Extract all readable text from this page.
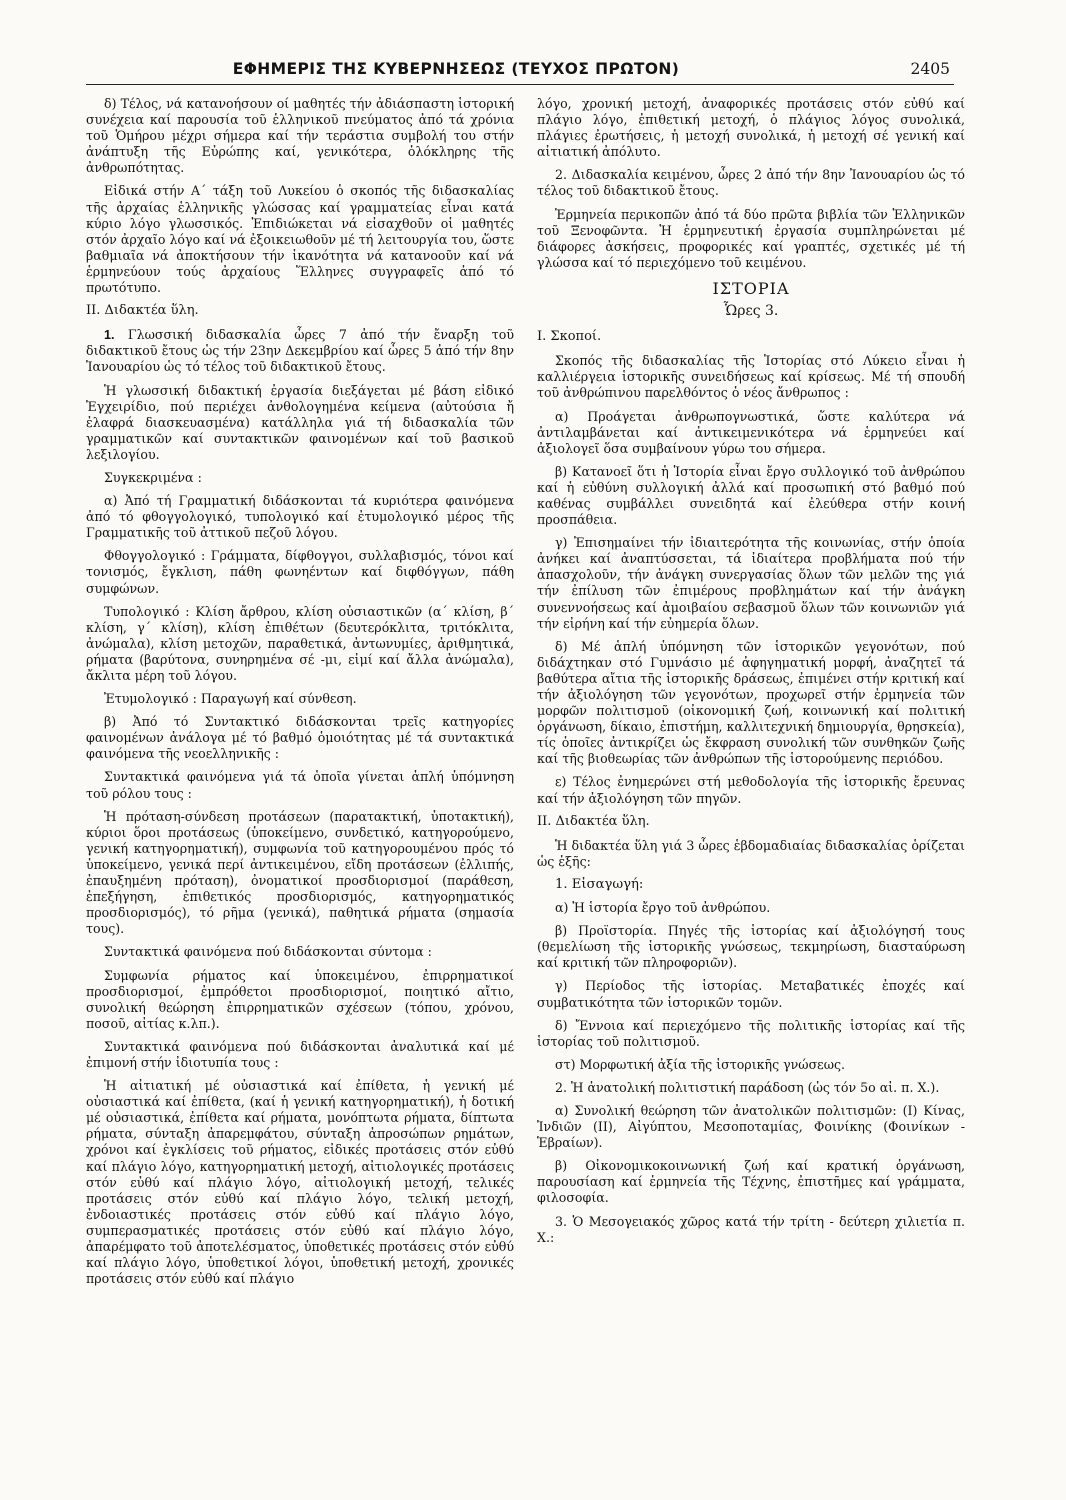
ΕΦΗΜΕΡΙΣ ΤΗΣ ΚΥΒΕΡΝΗΣΕΩΣ (ΤΕΥΧΟΣ ΠΡΩΤΟΝ)	2405

δ) Τέλος, νά κατανοήσουν οί μαθητές τήν ἀδιάσπαστη ἱστορική συνέχεια καί παρουσία τοῦ ἑλληνικοῦ πνεύματος ἀπό τά χρόνια τοῦ Ὁμήρου μέχρι σήμερα καί τήν τεράστια συμβολή του στήν ἀνάπτυξη τῆς Εὐρώπης καί, γενικότερα, ὁλόκληρης τῆς ἀνθρωπότητας.

Εἰδικά στήν Α΄ τάξη τοῦ Λυκείου ὁ σκοπός τῆς διδασκαλίας τῆς ἀρχαίας ἑλληνικῆς γλώσσας καί γραμματείας εἶναι κατά κύριο λόγο γλωσσικός. Ἐπιδιώκεται νά εἰσαχθοῦν οἱ μαθητές στόν ἀρχαῖο λόγο καί νά ἐξοικειωθοῦν μέ τή λειτουργία του, ὥστε βαθμιαῖα νά ἀποκτήσουν τήν ἱκανότητα νά κατανοοῦν καί νά ἑρμηνεύουν τούς ἀρχαίους Ἕλληνες συγγραφεῖς ἀπό τό πρωτότυπο.

ΙΙ. Διδακτέα ὕλη.

1. Γλωσσική διδασκαλία ὧρες 7 ἀπό τήν ἔναρξη τοῦ διδακτικοῦ ἔτους ὡς τήν 23ην Δεκεμβρίου καί ὧρες 5 ἀπό τήν 8ην Ἰανουαρίου ὡς τό τέλος τοῦ διδακτικοῦ ἔτους.

Ἡ γλωσσική διδακτική ἐργασία διεξάγεται μέ βάση εἰδικό Ἐγχειρίδιο, πού περιέχει ἀνθολογημένα κείμενα (αὐτούσια ἤ ἐλαφρά διασκευασμένα) κατάλληλα γιά τή διδασκαλία τῶν γραμματικῶν καί συντακτικῶν φαινομένων καί τοῦ βασικοῦ λεξιλογίου.

Συγκεκριμένα :

α) Ἀπό τή Γραμματική διδάσκονται τά κυριότερα φαινόμενα ἀπό τό φθογγολογικό, τυπολογικό καί ἐτυμολογικό μέρος τῆς Γραμματικῆς τοῦ ἀττικοῦ πεζοῦ λόγου.

Φθογγολογικό : Γράμματα, δίφθογγοι, συλλαβισμός, τόνοι καί τονισμός, ἔγκλιση, πάθη φωνηέντων καί διφθόγγων, πάθη συμφώνων.

Τυπολογικό : Κλίση ἄρθρου, κλίση οὐσιαστικῶν (α΄ κλίση, β΄ κλίση, γ΄ κλίση), κλίση ἐπιθέτων (δευτερόκλιτα, τριτόκλιτα, ἀνώμαλα), κλίση μετοχῶν, παραθετικά, ἀντωνυμίες, ἀριθμητικά, ρήματα (βαρύτονα, συνηρημένα σέ -μι, εἰμί καί ἄλλα ἀνώμαλα), ἄκλιτα μέρη τοῦ λόγου.

Ἐτυμολογικό : Παραγωγή καί σύνθεση.

β) Ἀπό τό Συντακτικό διδάσκονται τρεῖς κατηγορίες φαινομένων ἀνάλογα μέ τό βαθμό ὁμοιότητας μέ τά συντακτικά φαινόμενα τῆς νεοελληνικῆς :

Συντακτικά φαινόμενα γιά τά ὁποῖα γίνεται ἁπλή ὑπόμνηση τοῦ ρόλου τους :

Ἡ πρόταση-σύνδεση προτάσεων (παρατακτική, ὑποτακτική), κύριοι ὅροι προτάσεως (ὑποκείμενο, συνδετικό, κατηγορούμενο, γενική κατηγορηματική), συμφωνία τοῦ κατηγορουμένου πρός τό ὑποκείμενο, γενικά περί ἀντικειμένου, εἴδη προτάσεων (ἐλλιπής, ἐπαυξημένη πρόταση), ὀνοματικοί προσδιορισμοί (παράθεση, ἐπεξήγηση, ἐπιθετικός προσδιορισμός, κατηγορηματικός προσδιορισμός), τό ρῆμα (γενικά), παθητικά ρήματα (σημασία τους).

Συντακτικά φαινόμενα πού διδάσκονται σύντομα :

Συμφωνία ρήματος καί ὑποκειμένου, ἐπιρρηματικοί προσδιορισμοί, ἐμπρόθετοι προσδιορισμοί, ποιητικό αἴτιο, συνολική θεώρηση ἐπιρρηματικῶν σχέσεων (τόπου, χρόνου, ποσοῦ, αἰτίας κ.λπ.).

Συντακτικά φαινόμενα πού διδάσκονται ἀναλυτικά καί μέ ἐπιμονή στήν ἰδιοτυπία τους :

Ἡ αἰτιατική μέ οὐσιαστικά καί ἐπίθετα, ἡ γενική μέ οὐσιαστικά καί ἐπίθετα, (καί ἡ γενική κατηγορηματική), ἡ δοτική μέ οὐσιαστικά, ἐπίθετα καί ρήματα, μονόπτωτα ρήματα, δίπτωτα ρήματα, σύνταξη ἀπαρεμφάτου, σύνταξη ἀπροσώπων ρημάτων, χρόνοι καί ἐγκλίσεις τοῦ ρήματος, εἰδικές προτάσεις στόν εὐθύ καί πλάγιο λόγο, κατηγορηματική μετοχή, αἰτιολογικές προτάσεις στόν εὐθύ καί πλάγιο λόγο, αἰτιολογική μετοχή, τελικές προτάσεις στόν εὐθύ καί πλάγιο λόγο, τελική μετοχή, ἐνδοιαστικές προτάσεις στόν εὐθύ καί πλάγιο λόγο, συμπερασματικές προτάσεις στόν εὐθύ καί πλάγιο λόγο, ἀπαρέμφατο τοῦ ἀποτελέσματος, ὑποθετικές προτάσεις στόν εὐθύ καί πλάγιο λόγο, ὑποθετικοί λόγοι, ὑποθετική μετοχή, χρονικές προτάσεις στόν εὐθύ καί πλάγιο

λόγο, χρονική μετοχή, ἀναφορικές προτάσεις στόν εὐθύ καί πλάγιο λόγο, ἐπιθετική μετοχή, ὁ πλάγιος λόγος συνολικά, πλάγιες ἐρωτήσεις, ἡ μετοχή συνολικά, ἡ μετοχή σέ γενική καί αἰτιατική ἀπόλυτο.

2. Διδασκαλία κειμένου, ὧρες 2 ἀπό τήν 8ην Ἰανουαρίου ὡς τό τέλος τοῦ διδακτικοῦ ἔτους.

Ἑρμηνεία περικοπῶν ἀπό τά δύο πρῶτα βιβλία τῶν Ἑλληνικῶν τοῦ Ξενοφῶντα. Ἡ ἑρμηνευτική ἐργασία συμπληρώνεται μέ διάφορες ἀσκήσεις, προφορικές καί γραπτές, σχετικές μέ τή γλώσσα καί τό περιεχόμενο τοῦ κειμένου.

ΙΣΤΟΡΙΑ
Ὧρες 3.
Ι. Σκοποί.

Σκοπός τῆς διδασκαλίας τῆς Ἱστορίας στό Λύκειο εἶναι ἡ καλλιέργεια ἱστορικῆς συνειδήσεως καί κρίσεως. Μέ τή σπουδή τοῦ ἀνθρώπινου παρελθόντος ὁ νέος ἄνθρωπος :

α) Προάγεται ἀνθρωπογνωστικά, ὥστε καλύτερα νά ἀντιλαμβάνεται καί ἀντικειμενικότερα νά ἑρμηνεύει καί ἀξιολογεῖ ὅσα συμβαίνουν γύρω του σήμερα.

β) Κατανοεῖ ὅτι ἡ Ἱστορία εἶναι ἔργο συλλογικό τοῦ ἀνθρώπου καί ἡ εὐθύνη συλλογική ἀλλά καί προσωπική στό βαθμό πού καθένας συμβάλλει συνειδητά καί ἐλεύθερα στήν κοινή προσπάθεια.

γ) Ἐπισημαίνει τήν ἰδιαιτερότητα τῆς κοινωνίας, στήν ὁποία ἀνήκει καί ἀναπτύσσεται, τά ἰδιαίτερα προβλήματα πού τήν ἀπασχολοῦν, τήν ἀνάγκη συνεργασίας ὅλων τῶν μελῶν της γιά τήν ἐπίλυση τῶν ἐπιμέρους προβλημάτων καί τήν ἀνάγκη συνεννοήσεως καί ἀμοιβαίου σεβασμοῦ ὅλων τῶν κοινωνιῶν γιά τήν εἰρήνη καί τήν εὐημερία ὅλων.

δ) Μέ ἁπλή ὑπόμνηση τῶν ἱστορικῶν γεγονότων, πού διδάχτηκαν στό Γυμνάσιο μέ ἀφηγηματική μορφή, ἀναζητεῖ τά βαθύτερα αἴτια τῆς ἱστορικῆς δράσεως, ἐπιμένει στήν κριτική καί τήν ἀξιολόγηση τῶν γεγονότων, προχωρεῖ στήν ἑρμηνεία τῶν μορφῶν πολιτισμοῦ (οἰκονομική ζωή, κοινωνική καί πολιτική ὀργάνωση, δίκαιο, ἐπιστήμη, καλλιτεχνική δημιουργία, θρησκεία), τίς ὁποῖες ἀντικρίζει ὡς ἔκφραση συνολική τῶν συνθηκῶν ζωῆς καί τῆς βιοθεωρίας τῶν ἀνθρώπων τῆς ἱστορούμενης περιόδου.

ε) Τέλος ἐνημερώνει στή μεθοδολογία τῆς ἱστορικῆς ἔρευνας καί τήν ἀξιολόγηση τῶν πηγῶν.

ΙΙ. Διδακτέα ὕλη.

Ἡ διδακτέα ὕλη γιά 3 ὧρες ἑβδομαδιαίας διδασκαλίας ὁρίζεται ὡς ἑξῆς:

1. Εἰσαγωγή:

α) Ἡ ἱστορία ἔργο τοῦ ἀνθρώπου.

β) Προϊστορία. Πηγές τῆς ἱστορίας καί ἀξιολόγησή τους (θεμελίωση τῆς ἱστορικῆς γνώσεως, τεκμηρίωση, διασταύρωση καί κριτική τῶν πληροφοριῶν).

γ) Περίοδος τῆς ἱστορίας. Μεταβατικές ἐποχές καί συμβατικότητα τῶν ἱστορικῶν τομῶν.

δ) Ἔννοια καί περιεχόμενο τῆς πολιτικῆς ἱστορίας καί τῆς ἱστορίας τοῦ πολιτισμοῦ.

στ) Μορφωτική ἀξία τῆς ἱστορικῆς γνώσεως.

2. Ἡ ἀνατολική πολιτιστική παράδοση (ὡς τόν 5ο αἰ. π. Χ.).

α) Συνολική θεώρηση τῶν ἀνατολικῶν πολιτισμῶν: (Ι) Κίνας, Ἰνδιῶν (ΙΙ), Αἰγύπτου, Μεσοποταμίας, Φοινίκης (Φοινίκων - Ἑβραίων).

β) Οἰκονομικοκοινωνική ζωή καί κρατική ὀργάνωση, παρουσίαση καί ἑρμηνεία τῆς Τέχνης, ἐπιστῆμες καί γράμματα, φιλοσοφία.

3. Ὁ Μεσογειακός χῶρος κατά τήν τρίτη - δεύτερη χιλιετία π. Χ.:
